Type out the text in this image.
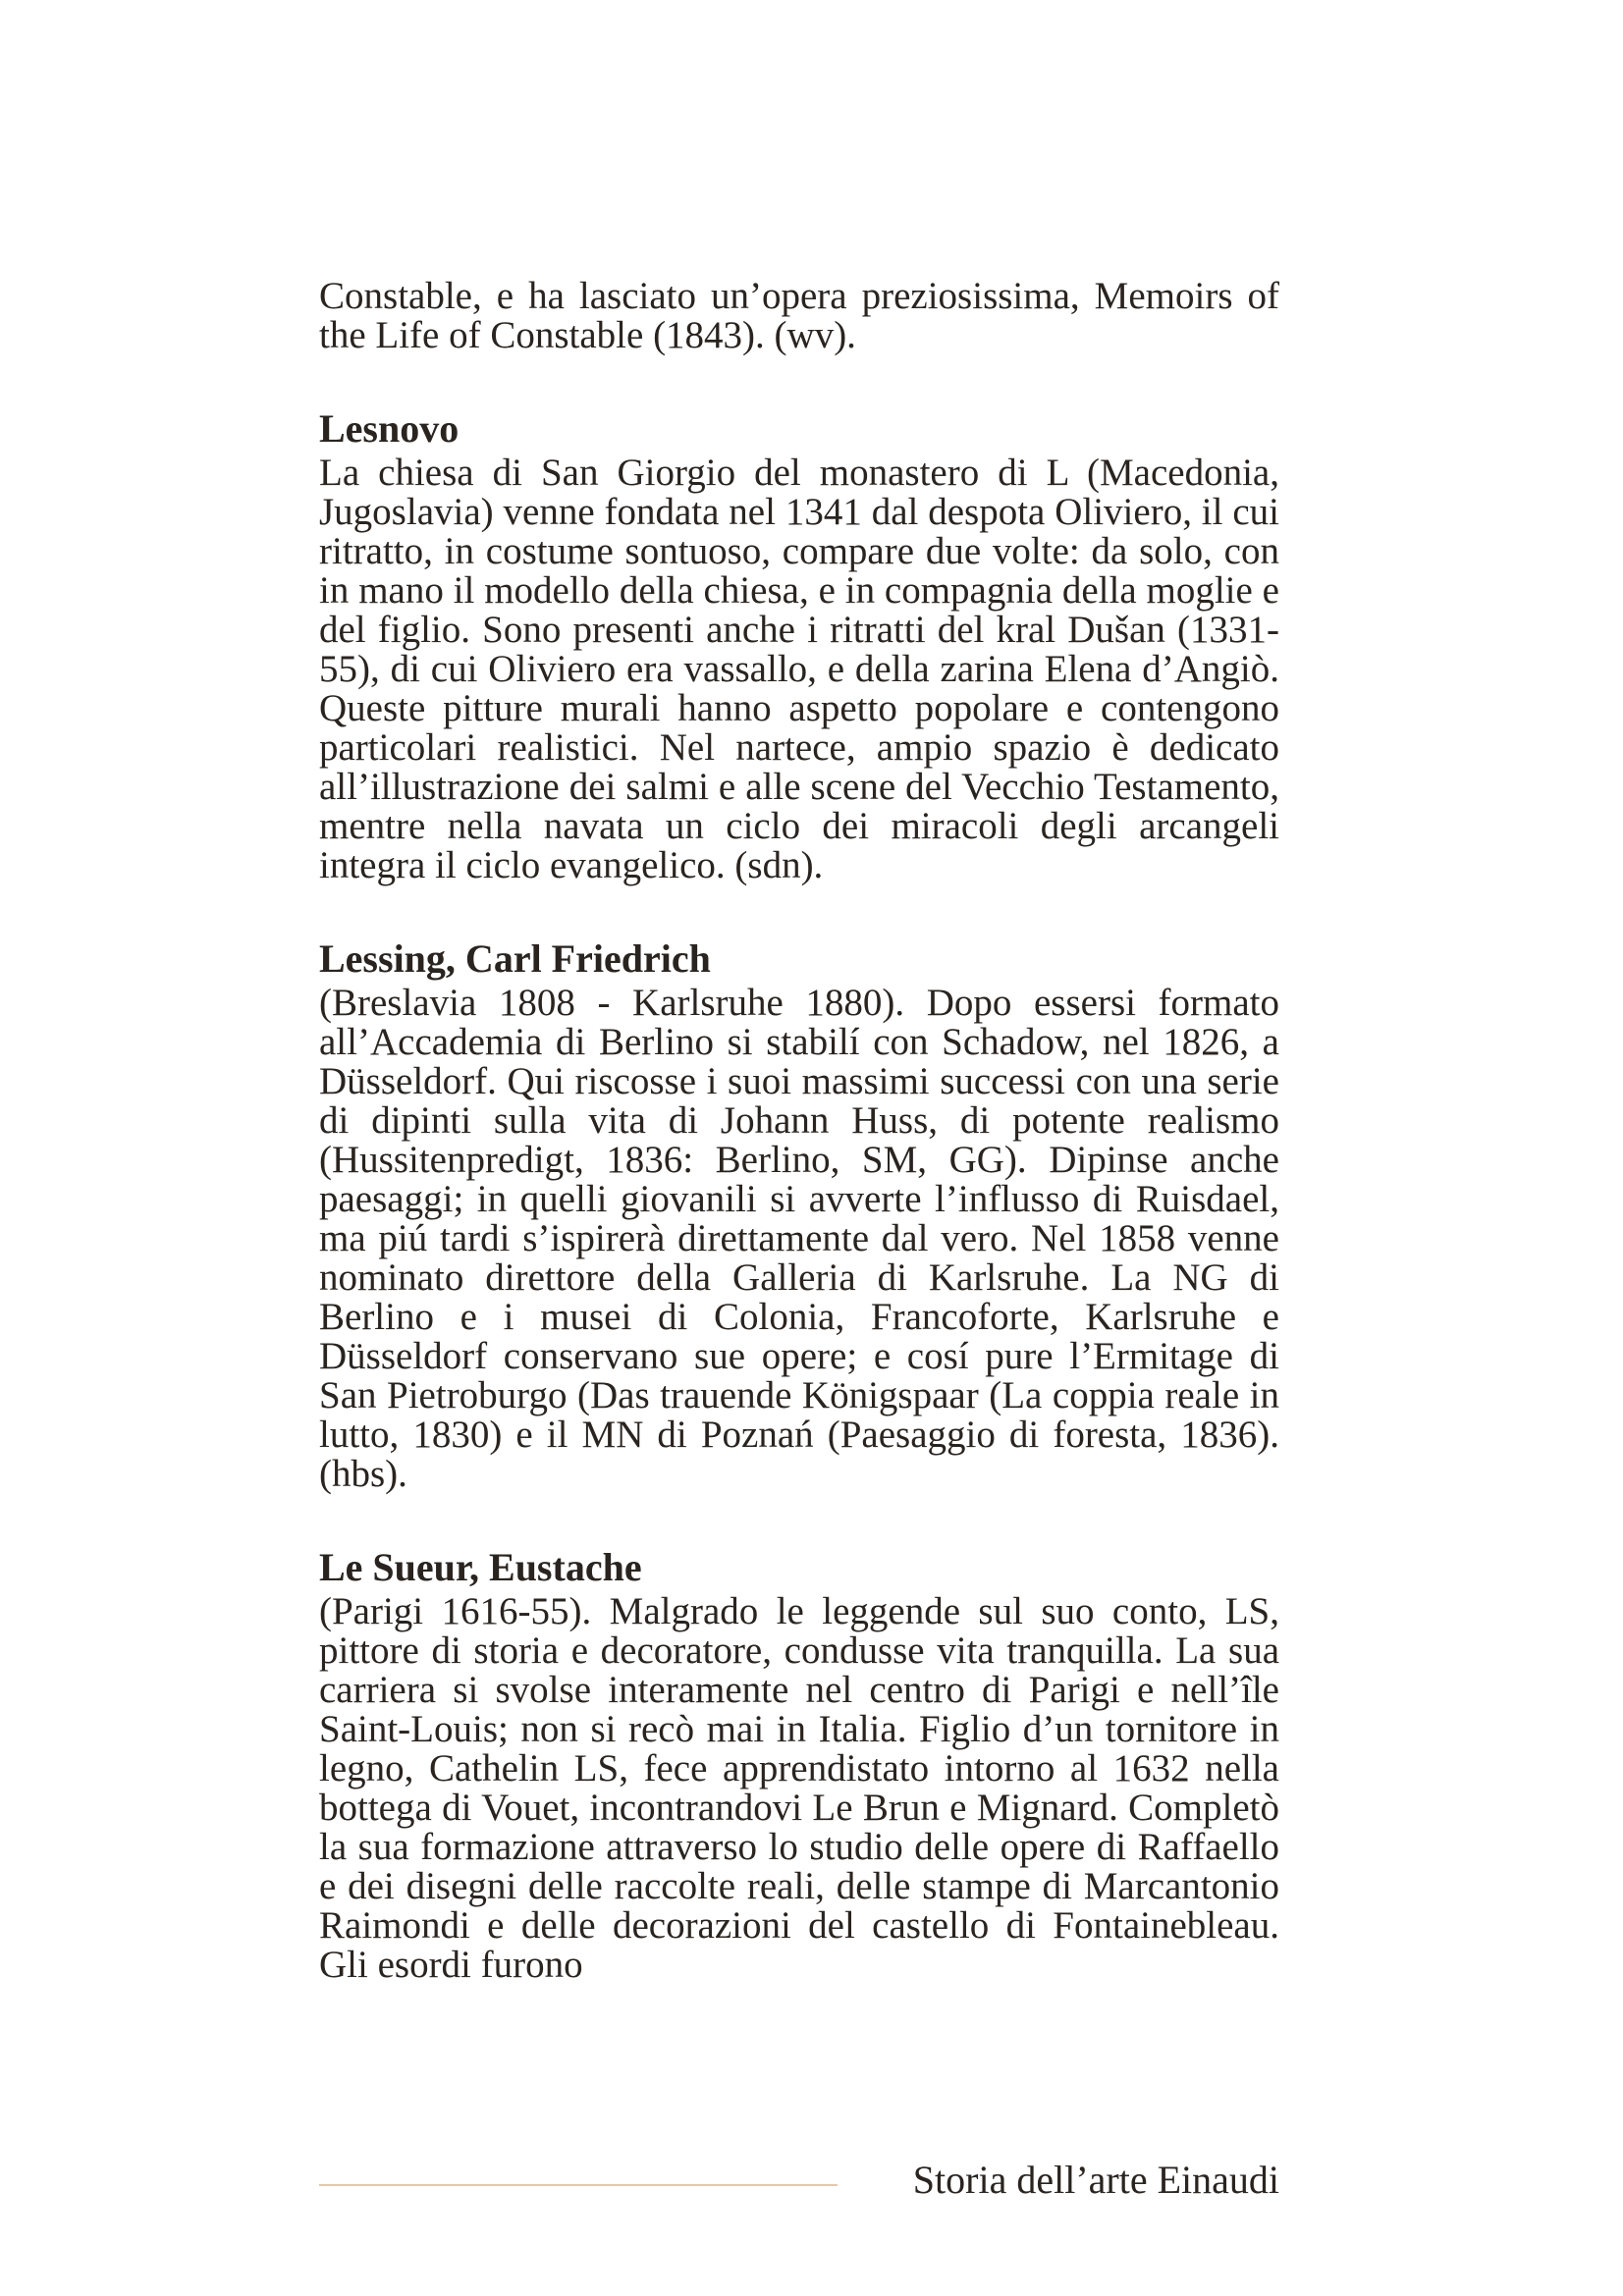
Constable, e ha lasciato un’opera preziosissima, Memoirs of the Life of Constable (1843). (wv).

Lesnovo

La chiesa di San Giorgio del monastero di L (Macedonia, Jugoslavia) venne fondata nel 1341 dal despota Oliviero, il cui ritratto, in costume sontuoso, compare due volte: da solo, con in mano il modello della chiesa, e in compagnia della moglie e del figlio. Sono presenti anche i ritratti del kral Dušan (1331-55), di cui Oliviero era vassallo, e della zarina Elena d’Angiò. Queste pitture murali hanno aspetto popolare e contengono particolari realistici. Nel nartece, ampio spazio è dedicato all’illustrazione dei salmi e alle scene del Vecchio Testamento, mentre nella navata un ciclo dei miracoli degli arcangeli integra il ciclo evangelico. (sdn).

Lessing, Carl Friedrich

(Breslavia 1808 - Karlsruhe 1880). Dopo essersi formato all’Accademia di Berlino si stabilí con Schadow, nel 1826, a Düsseldorf. Qui riscosse i suoi massimi successi con una serie di dipinti sulla vita di Johann Huss, di potente realismo (Hussitenpredigt, 1836: Berlino, SM, GG). Dipinse anche paesaggi; in quelli giovanili si avverte l’influsso di Ruisdael, ma piú tardi s’ispirerà direttamente dal vero. Nel 1858 venne nominato direttore della Galleria di Karlsruhe. La NG di Berlino e i musei di Colonia, Francoforte, Karlsruhe e Düsseldorf conservano sue opere; e cosí pure l’Ermitage di San Pietroburgo (Das trauende Königspaar (La coppia reale in lutto, 1830) e il MN di Poznań (Paesaggio di foresta, 1836). (hbs).

Le Sueur, Eustache

(Parigi 1616-55). Malgrado le leggende sul suo conto, LS, pittore di storia e decoratore, condusse vita tranquilla. La sua carriera si svolse interamente nel centro di Parigi e nell’île Saint-Louis; non si recò mai in Italia. Figlio d’un tornitore in legno, Cathelin LS, fece apprendistato intorno al 1632 nella bottega di Vouet, incontrandovi Le Brun e Mignard. Completò la sua formazione attraverso lo studio delle opere di Raffaello e dei disegni delle raccolte reali, delle stampe di Marcantonio Raimondi e delle decorazioni del castello di Fontainebleau. Gli esordi furono

Storia dell’arte Einaudi
